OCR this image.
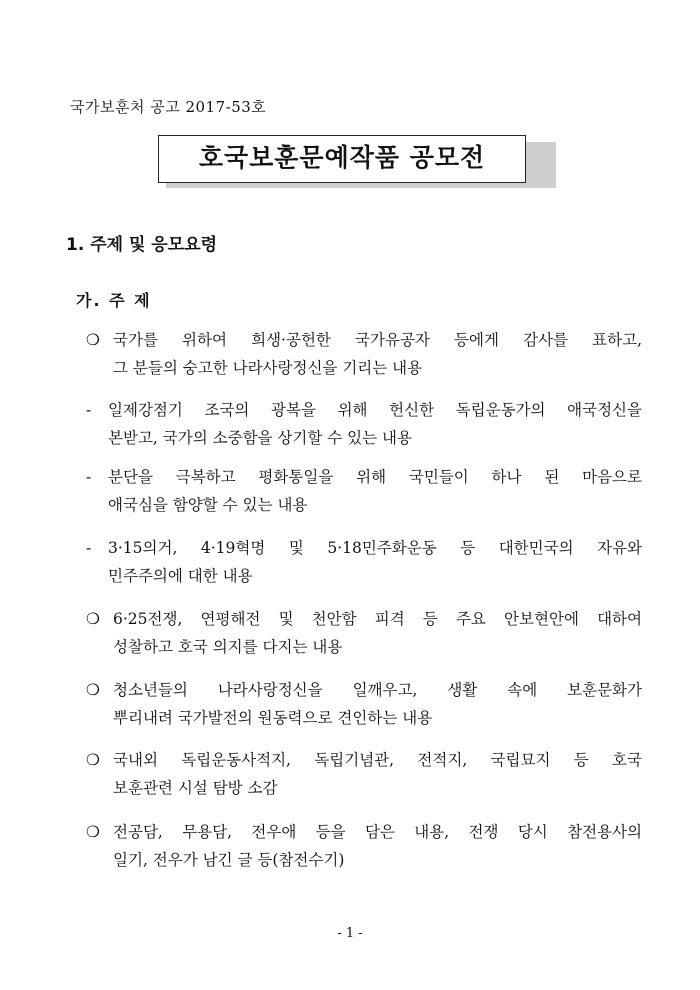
국가보훈처 공고 2017-53호
호국보훈문예작품 공모전
1. 주제 및 응모요령
가. 주 제
❍ 국가를 위하여 희생·공헌한 국가유공자 등에게 감사를 표하고,
그 분들의 숭고한 나라사랑정신을 기리는 내용
-	일제강점기 조국의 광복을 위해 헌신한 독립운동가의 애국정신을
본받고, 국가의 소중함을 상기할 수 있는 내용
-	분단을 극복하고 평화통일을 위해 국민들이 하나 된 마음으로
애국심을 함양할 수 있는 내용
-	3·15의거, 4·19혁명 및 5·18민주화운동 등 대한민국의 자유와
민주주의에 대한 내용
❍ 6·25전쟁, 연평해전 및 천안함 피격 등 주요 안보현안에 대하여
성찰하고 호국 의지를 다지는 내용
❍ 청소년들의 나라사랑정신을 일깨우고, 생활 속에 보훈문화가
뿌리내려 국가발전의 원동력으로 견인하는 내용
❍ 국내외 독립운동사적지, 독립기념관, 전적지, 국립묘지 등 호국
보훈관련 시설 탐방 소감
❍ 전공담, 무용담, 전우애 등을 담은 내용, 전쟁 당시 참전용사의
일기, 전우가 남긴 글 등(참전수기)
- 1 -
